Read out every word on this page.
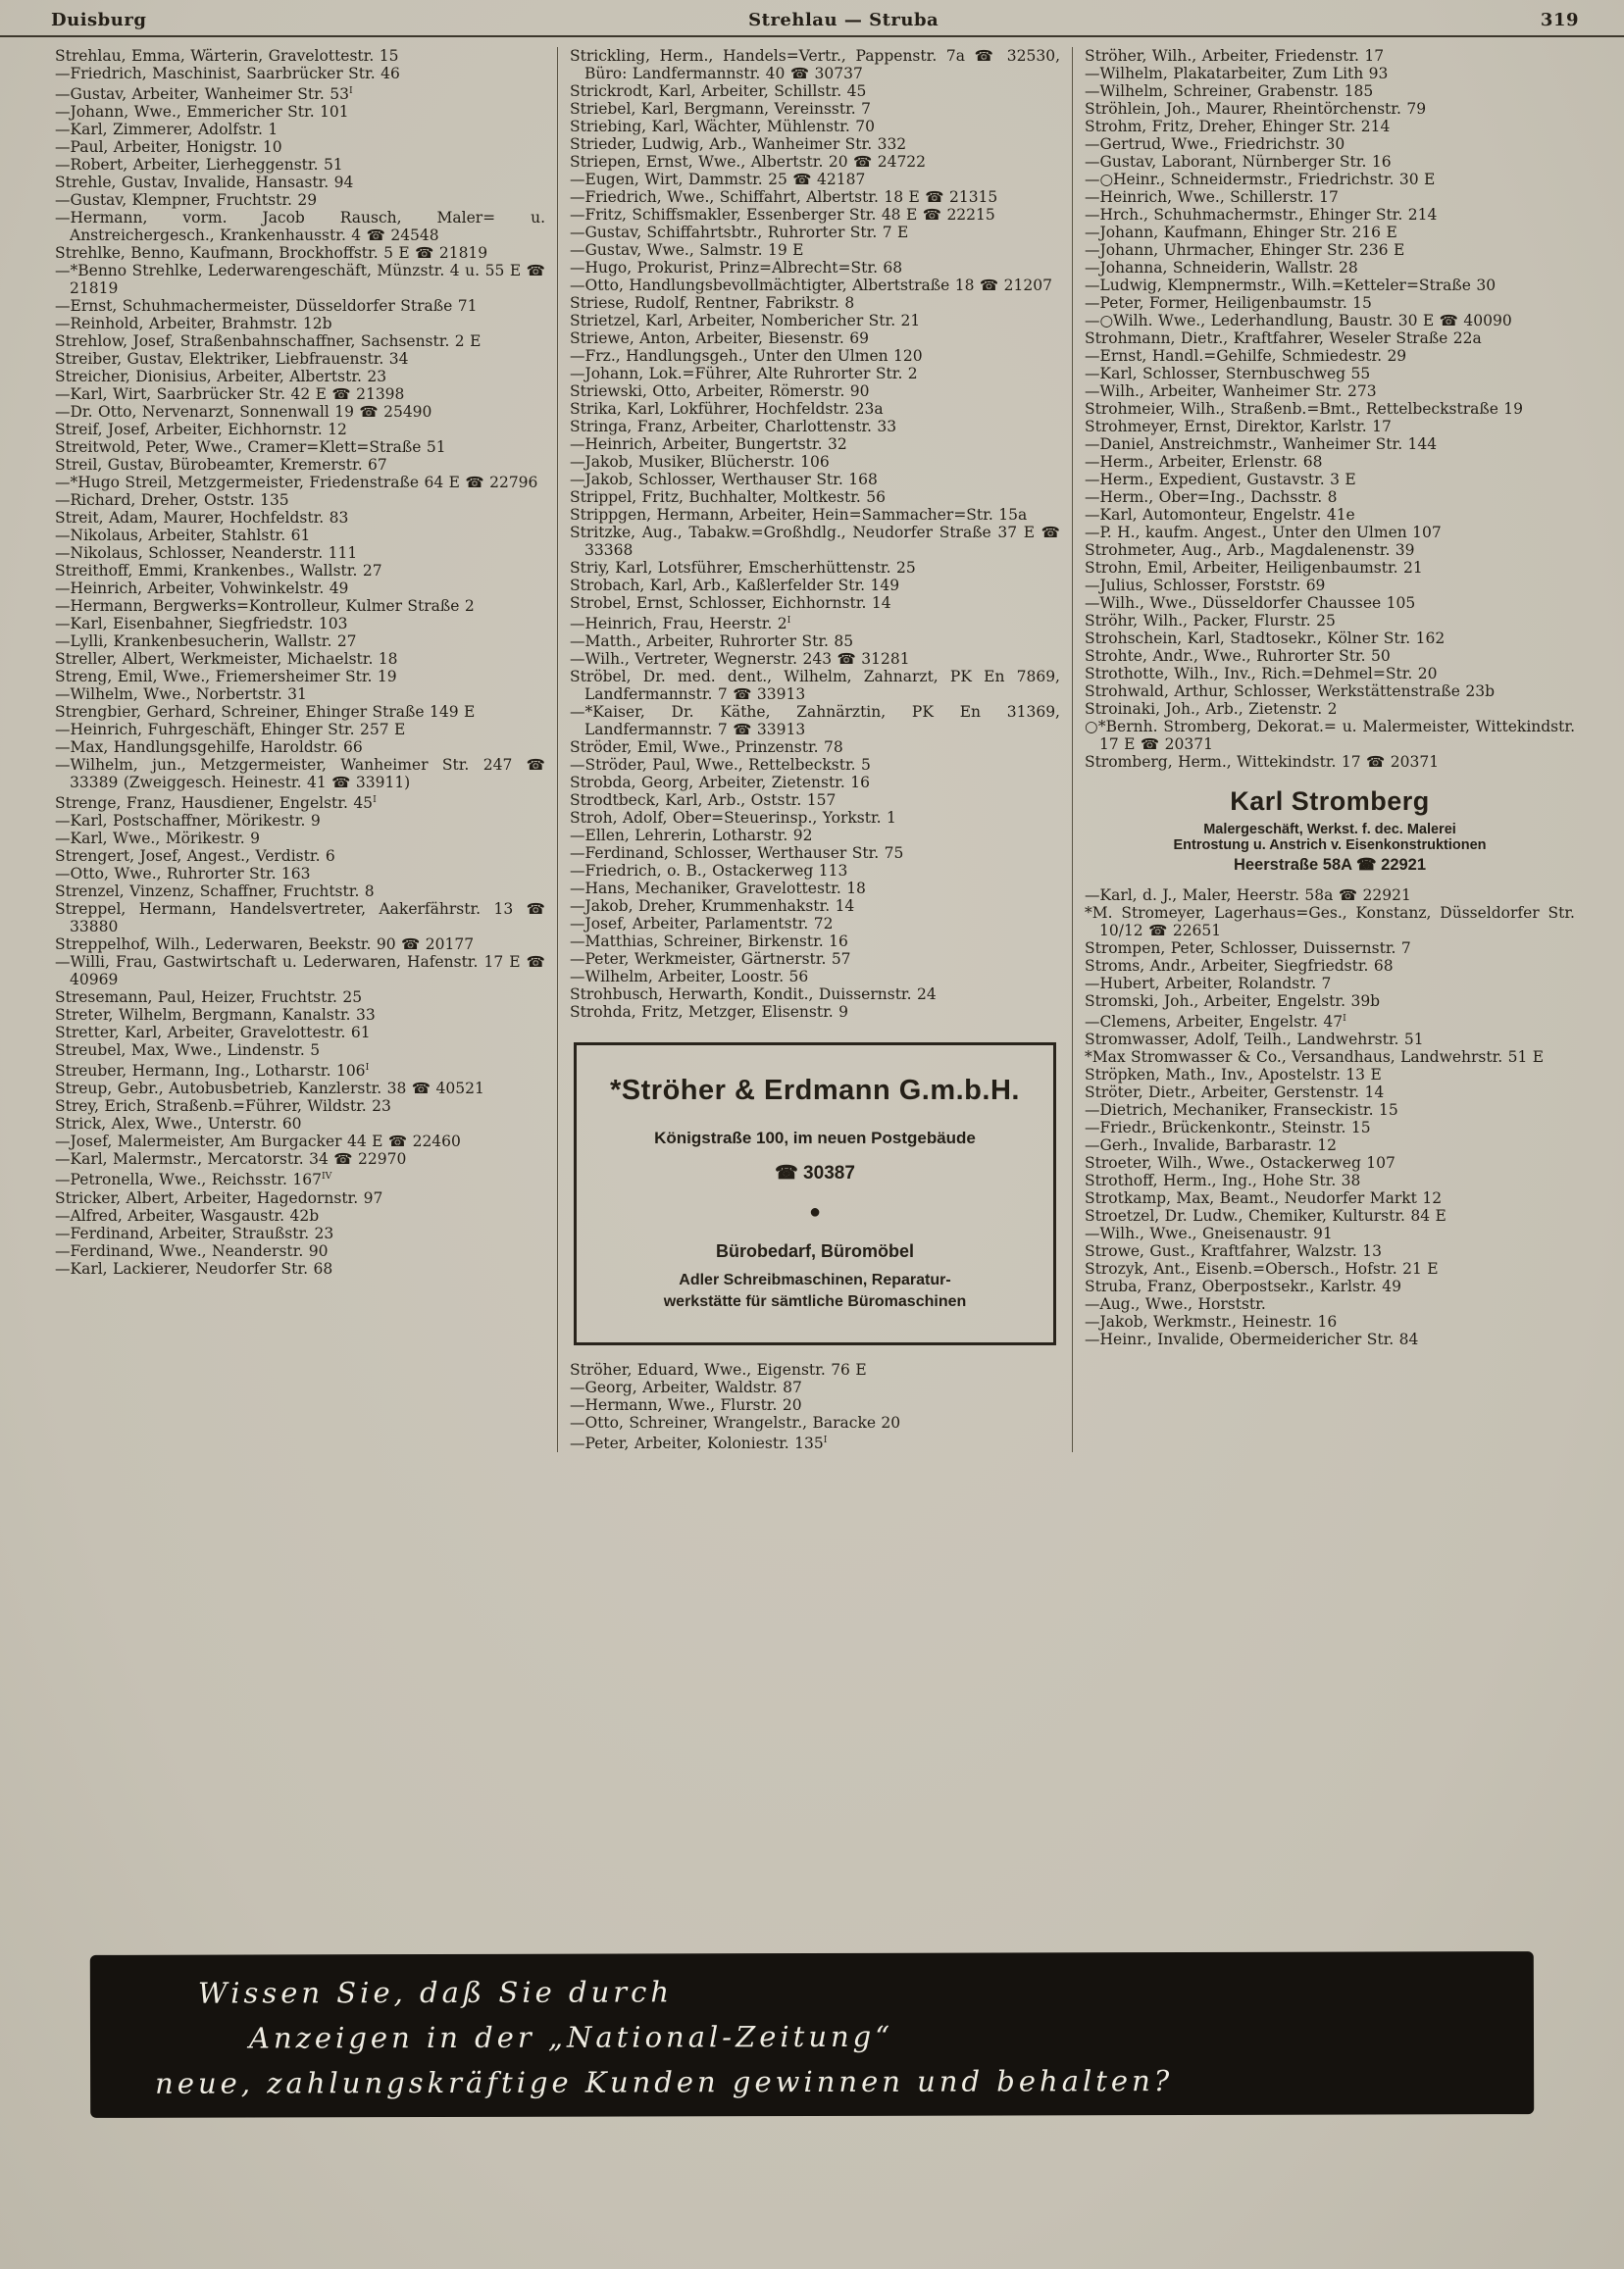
Duisburg	Strehlau — Struba	319
Strehlau, Emma, Wärterin, Gravelottestr. 15
—Friedrich, Maschinist, Saarbrücker Str. 46
—Gustav, Arbeiter, Wanheimer Str. $53^I$
—Johann, Wwe., Emmericher Str. 101
—Karl, Zimmerer, Adolfstr. 1
—Paul, Arbeiter, Honigstr. 10
—Robert, Arbeiter, Lierheggenstr. 51
Strehle, Gustav, Invalide, Hansastr. 94
—Gustav, Klempner, Fruchtstr. 29
—Hermann, vorm. Jacob Rausch, Maler= u. Anstreichergesch., Krankenhausstr. 4 ☎ 24548
Strehlke, Benno, Kaufmann, Brockhoffstr. 5 E ☎ 21819
—*Benno Strehlke, Lederwarengeschäft, Münzstr. 4 u. 55 E ☎ 21819
—Ernst, Schuhmachermeister, Düsseldorfer Straße 71
—Reinhold, Arbeiter, Brahmstr. 12b
Strehlow, Josef, Straßenbahnschaffner, Sachsenstr. 2 E
Streiber, Gustav, Elektriker, Liebfrauenstr. 34
Streicher, Dionisius, Arbeiter, Albertstr. 23
—Karl, Wirt, Saarbrücker Str. 42 E ☎ 21398
—Dr. Otto, Nervenarzt, Sonnenwall 19 ☎ 25490
Streif, Josef, Arbeiter, Eichhornstr. 12
Streitwold, Peter, Wwe., Cramer=Klett=Straße 51
Streil, Gustav, Bürobeamter, Kremerstr. 67
—*Hugo Streil, Metzgermeister, Friedenstraße 64 E ☎ 22796
—Richard, Dreher, Oststr. 135
Streit, Adam, Maurer, Hochfeldstr. 83
—Nikolaus, Arbeiter, Stahlstr. 61
—Nikolaus, Schlosser, Neanderstr. 111
Streithoff, Emmi, Krankenbes., Wallstr. 27
—Heinrich, Arbeiter, Vohwinkelstr. 49
—Hermann, Bergwerks=Kontrolleur, Kulmer Straße 2
—Karl, Eisenbahner, Siegfriedstr. 103
—Lylli, Krankenbesucherin, Wallstr. 27
Streller, Albert, Werkmeister, Michaelstr. 18
Streng, Emil, Wwe., Friemersheimer Str. 19
—Wilhelm, Wwe., Norbertstr. 31
Strengbier, Gerhard, Schreiner, Ehinger Straße 149 E
—Heinrich, Fuhrgeschäft, Ehinger Str. 257 E
—Max, Handlungsgehilfe, Haroldstr. 66
—Wilhelm, jun., Metzgermeister, Wanheimer Str. 247 ☎ 33389 (Zweiggesch. Heinestr. 41 ☎ 33911)
Strenge, Franz, Hausdiener, Engelstr. $45^I$
—Karl, Postschaffner, Mörikestr. 9
—Karl, Wwe., Mörikestr. 9
Strengert, Josef, Angest., Verdistr. 6
—Otto, Wwe., Ruhrorter Str. 163
Strenzel, Vinzenz, Schaffner, Fruchtstr. 8
Streppel, Hermann, Handelsvertreter, Aakerfährstr. 13 ☎ 33880
Streppelhof, Wilh., Lederwaren, Beekstr. 90 ☎ 20177
—Willi, Frau, Gastwirtschaft u. Lederwaren, Hafenstr. 17 E ☎ 40969
Stresemann, Paul, Heizer, Fruchtstr. 25
Streter, Wilhelm, Bergmann, Kanalstr. 33
Stretter, Karl, Arbeiter, Gravelottestr. 61
Streubel, Max, Wwe., Lindenstr. 5
Streuber, Hermann, Ing., Lotharstr. $106^I$
Streup, Gebr., Autobusbetrieb, Kanzlerstr. 38 ☎ 40521
Strey, Erich, Straßenb.=Führer, Wildstr. 23
Strick, Alex, Wwe., Unterstr. 60
—Josef, Malermeister, Am Burgacker 44 E ☎ 22460
—Karl, Malermstr., Mercatorstr. 34 ☎ 22970
—Petronella, Wwe., Reichsstr. $167^{IV}$
Stricker, Albert, Arbeiter, Hagedornstr. 97
—Alfred, Arbeiter, Wasgaustr. 42b
—Ferdinand, Arbeiter, Straußstr. 23
—Ferdinand, Wwe., Neanderstr. 90
—Karl, Lackierer, Neudorfer Str. 68
Strickling, Herm., Handels=Vertr., Pappenstr. 7a ☎ 32530, Büro: Landfermannstr. 40 ☎ 30737
Strickrodt, Karl, Arbeiter, Schillstr. 45
Striebel, Karl, Bergmann, Vereinsstr. 7
Striebing, Karl, Wächter, Mühlenstr. 70
Strieder, Ludwig, Arb., Wanheimer Str. 332
Striepen, Ernst, Wwe., Albertstr. 20 ☎ 24722
—Eugen, Wirt, Dammstr. 25 ☎ 42187
—Friedrich, Wwe., Schiffahrt, Albertstr. 18 E ☎ 21315
—Fritz, Schiffsmakler, Essenberger Str. 48 E ☎ 22215
—Gustav, Schiffahrtsbtr., Ruhrorter Str. 7 E
—Gustav, Wwe., Salmstr. 19 E
—Hugo, Prokurist, Prinz=Albrecht=Str. 68
—Otto, Handlungsbevollmächtigter, Albertstraße 18 ☎ 21207
Striese, Rudolf, Rentner, Fabrikstr. 8
Strietzel, Karl, Arbeiter, Nombericher Str. 21
Striewe, Anton, Arbeiter, Biesenstr. 69
—Frz., Handlungsgeh., Unter den Ulmen 120
—Johann, Lok.=Führer, Alte Ruhrorter Str. 2
Striewski, Otto, Arbeiter, Römerstr. 90
Strika, Karl, Lokführer, Hochfeldstr. 23a
Stringa, Franz, Arbeiter, Charlottenstr. 33
—Heinrich, Arbeiter, Bungertstr. 32
—Jakob, Musiker, Blücherstr. 106
—Jakob, Schlosser, Werthauser Str. 168
Strippel, Fritz, Buchhalter, Moltkestr. 56
Strippgen, Hermann, Arbeiter, Hein=Sammacher=Str. 15a
Stritzke, Aug., Tabakw.=Großhdlg., Neudorfer Straße 37 E ☎ 33368
Striy, Karl, Lotsführer, Emscherhüttenstr. 25
Strobach, Karl, Arb., Kaßlerfelder Str. 149
Strobel, Ernst, Schlosser, Eichhornstr. 14
—Heinrich, Frau, Heerstr. $2^I$
—Matth., Arbeiter, Ruhrorter Str. 85
—Wilh., Vertreter, Wegnerstr. 243 ☎ 31281
Ströbel, Dr. med. dent., Wilhelm, Zahnarzt, PK En 7869, Landfermannstr. 7 ☎ 33913
—*Kaiser, Dr. Käthe, Zahnärztin, PK En 31369, Landfermannstr. 7 ☎ 33913
Ströder, Emil, Wwe., Prinzenstr. 78
—Ströder, Paul, Wwe., Rettelbeckstr. 5
Strobda, Georg, Arbeiter, Zietenstr. 16
Strodtbeck, Karl, Arb., Oststr. 157
Stroh, Adolf, Ober=Steuerinsp., Yorkstr. 1
—Ellen, Lehrerin, Lotharstr. 92
—Ferdinand, Schlosser, Werthauser Str. 75
—Friedrich, o. B., Ostackerweg 113
—Hans, Mechaniker, Gravelottestr. 18
—Jakob, Dreher, Krummenhakstr. 14
—Josef, Arbeiter, Parlamentstr. 72
—Matthias, Schreiner, Birkenstr. 16
—Peter, Werkmeister, Gärtnerstr. 57
—Wilhelm, Arbeiter, Loostr. 56
Strohbusch, Herwarth, Kondit., Duissernstr. 24
Strohda, Fritz, Metzger, Elisenstr. 9
*Ströher & Erdmann G.m.b.H.
Königstraße 100, im neuen Postgebäude
☎ 30387
●
Bürobedarf, Büromöbel
Adler Schreibmaschinen, Reparatur-
werkstätte für sämtliche Büromaschinen
Ströher, Eduard, Wwe., Eigenstr. 76 E
—Georg, Arbeiter, Waldstr. 87
—Hermann, Wwe., Flurstr. 20
—Otto, Schreiner, Wrangelstr., Baracke 20
—Peter, Arbeiter, Koloniestr. $135^I$
Ströher, Wilh., Arbeiter, Friedenstr. 17
—Wilhelm, Plakatarbeiter, Zum Lith 93
—Wilhelm, Schreiner, Grabenstr. 185
Ströhlein, Joh., Maurer, Rheintörchenstr. 79
Strohm, Fritz, Dreher, Ehinger Str. 214
—Gertrud, Wwe., Friedrichstr. 30
—Gustav, Laborant, Nürnberger Str. 16
—○Heinr., Schneidermstr., Friedrichstr. 30 E
—Heinrich, Wwe., Schillerstr. 17
—Hrch., Schuhmachermstr., Ehinger Str. 214
—Johann, Kaufmann, Ehinger Str. 216 E
—Johann, Uhrmacher, Ehinger Str. 236 E
—Johanna, Schneiderin, Wallstr. 28
—Ludwig, Klempnermstr., Wilh.=Ketteler=Straße 30
—Peter, Former, Heiligenbaumstr. 15
—○Wilh. Wwe., Lederhandlung, Baustr. 30 E ☎ 40090
Strohmann, Dietr., Kraftfahrer, Weseler Straße 22a
—Ernst, Handl.=Gehilfe, Schmiedestr. 29
—Karl, Schlosser, Sternbuschweg 55
—Wilh., Arbeiter, Wanheimer Str. 273
Strohmeier, Wilh., Straßenb.=Bmt., Rettelbeckstraße 19
Strohmeyer, Ernst, Direktor, Karlstr. 17
—Daniel, Anstreichmstr., Wanheimer Str. 144
—Herm., Arbeiter, Erlenstr. 68
—Herm., Expedient, Gustavstr. 3 E
—Herm., Ober=Ing., Dachsstr. 8
—Karl, Automonteur, Engelstr. 41e
—P. H., kaufm. Angest., Unter den Ulmen 107
Strohmeter, Aug., Arb., Magdalenenstr. 39
Strohn, Emil, Arbeiter, Heiligenbaumstr. 21
—Julius, Schlosser, Forststr. 69
—Wilh., Wwe., Düsseldorfer Chaussee 105
Ströhr, Wilh., Packer, Flurstr. 25
Strohschein, Karl, Stadtosekr., Kölner Str. 162
Strohte, Andr., Wwe., Ruhrorter Str. 50
Strothotte, Wilh., Inv., Rich.=Dehmel=Str. 20
Strohwald, Arthur, Schlosser, Werkstättenstraße 23b
Stroinaki, Joh., Arb., Zietenstr. 2
○*Bernh. Stromberg, Dekorat.= u. Malermeister, Wittekindstr. 17 E ☎ 20371
Stromberg, Herm., Wittekindstr. 17 ☎ 20371
Karl Stromberg
Malergeschäft, Werkst. f. dec. Malerei
Entrostung u. Anstrich v. Eisenkonstruktionen
Heerstraße 58A ☎ 22921
—Karl, d. J., Maler, Heerstr. 58a ☎ 22921
*M. Stromeyer, Lagerhaus=Ges., Konstanz, Düsseldorfer Str. 10/12 ☎ 22651
Strompen, Peter, Schlosser, Duissernstr. 7
Stroms, Andr., Arbeiter, Siegfriedstr. 68
—Hubert, Arbeiter, Rolandstr. 7
Stromski, Joh., Arbeiter, Engelstr. 39b
—Clemens, Arbeiter, Engelstr. $47^I$
Stromwasser, Adolf, Teilh., Landwehrstr. 51
*Max Stromwasser & Co., Versandhaus, Landwehrstr. 51 E
Ströpken, Math., Inv., Apostelstr. 13 E
Ströter, Dietr., Arbeiter, Gerstenstr. 14
—Dietrich, Mechaniker, Franseckistr. 15
—Friedr., Brückenkontr., Steinstr. 15
—Gerh., Invalide, Barbarastr. 12
Stroeter, Wilh., Wwe., Ostackerweg 107
Strothoff, Herm., Ing., Hohe Str. 38
Strotkamp, Max, Beamt., Neudorfer Markt 12
Stroetzel, Dr. Ludw., Chemiker, Kulturstr. 84 E
—Wilh., Wwe., Gneisenaustr. 91
Strowe, Gust., Kraftfahrer, Walzstr. 13
Strozyk, Ant., Eisenb.=Obersch., Hofstr. 21 E
Struba, Franz, Oberpostsekr., Karlstr. 49
—Aug., Wwe., Horststr.
—Jakob, Werkmstr., Heinestr. 16
—Heinr., Invalide, Obermeidericher Str. 84
Wissen Sie, daß Sie durch
Anzeigen in der „National-Zeitung“
neue, zahlungskräftige Kunden gewinnen und behalten?
